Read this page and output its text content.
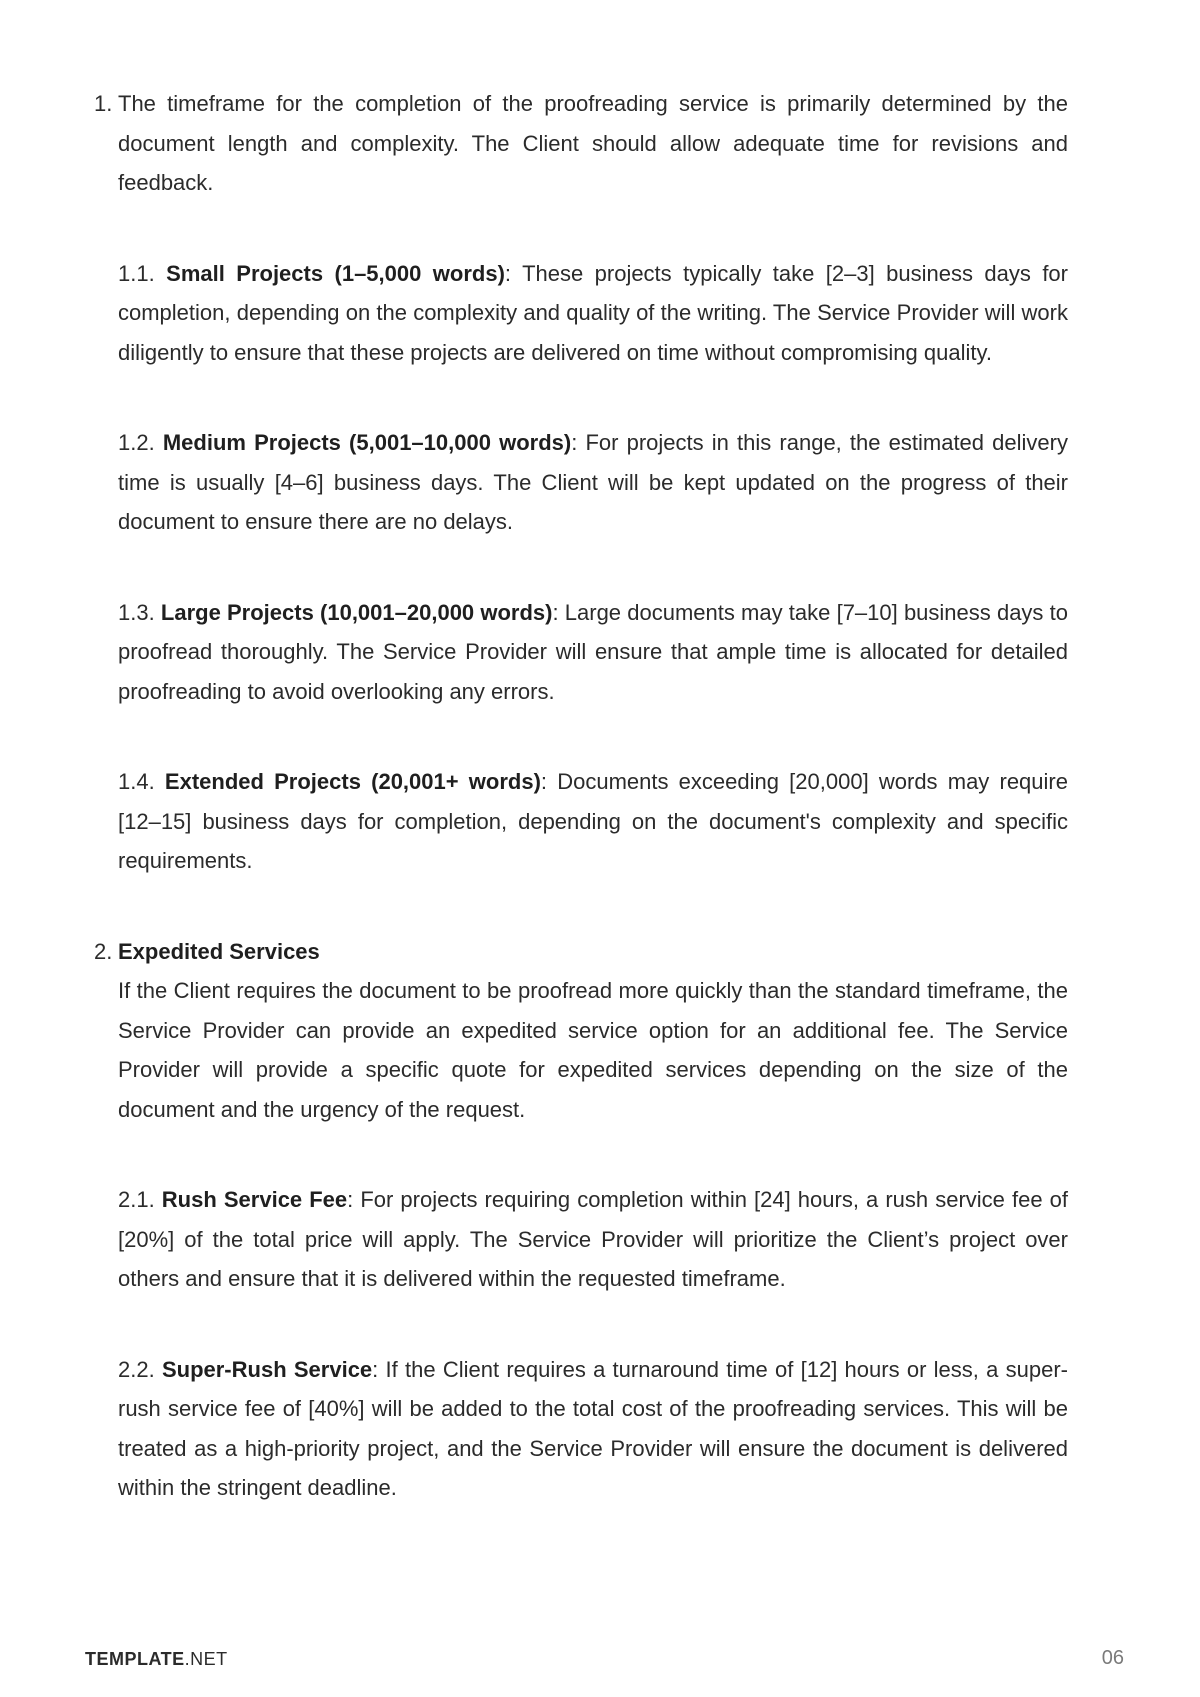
1. The timeframe for the completion of the proofreading service is primarily determined by the document length and complexity. The Client should allow adequate time for revisions and feedback.

1.1. Small Projects (1–5,000 words): These projects typically take [2–3] business days for completion, depending on the complexity and quality of the writing. The Service Provider will work diligently to ensure that these projects are delivered on time without compromising quality.

1.2. Medium Projects (5,001–10,000 words): For projects in this range, the estimated delivery time is usually [4–6] business days. The Client will be kept updated on the progress of their document to ensure there are no delays.

1.3. Large Projects (10,001–20,000 words): Large documents may take [7–10] business days to proofread thoroughly. The Service Provider will ensure that ample time is allocated for detailed proofreading to avoid overlooking any errors.

1.4. Extended Projects (20,001+ words): Documents exceeding [20,000] words may require [12–15] business days for completion, depending on the document's complexity and specific requirements.

2. Expedited Services
If the Client requires the document to be proofread more quickly than the standard timeframe, the Service Provider can provide an expedited service option for an additional fee. The Service Provider will provide a specific quote for expedited services depending on the size of the document and the urgency of the request.

2.1. Rush Service Fee: For projects requiring completion within [24] hours, a rush service fee of [20%] of the total price will apply. The Service Provider will prioritize the Client’s project over others and ensure that it is delivered within the requested timeframe.

2.2. Super-Rush Service: If the Client requires a turnaround time of [12] hours or less, a super-rush service fee of [40%] will be added to the total cost of the proofreading services. This will be treated as a high-priority project, and the Service Provider will ensure the document is delivered within the stringent deadline.

TEMPLATE.NET	06
